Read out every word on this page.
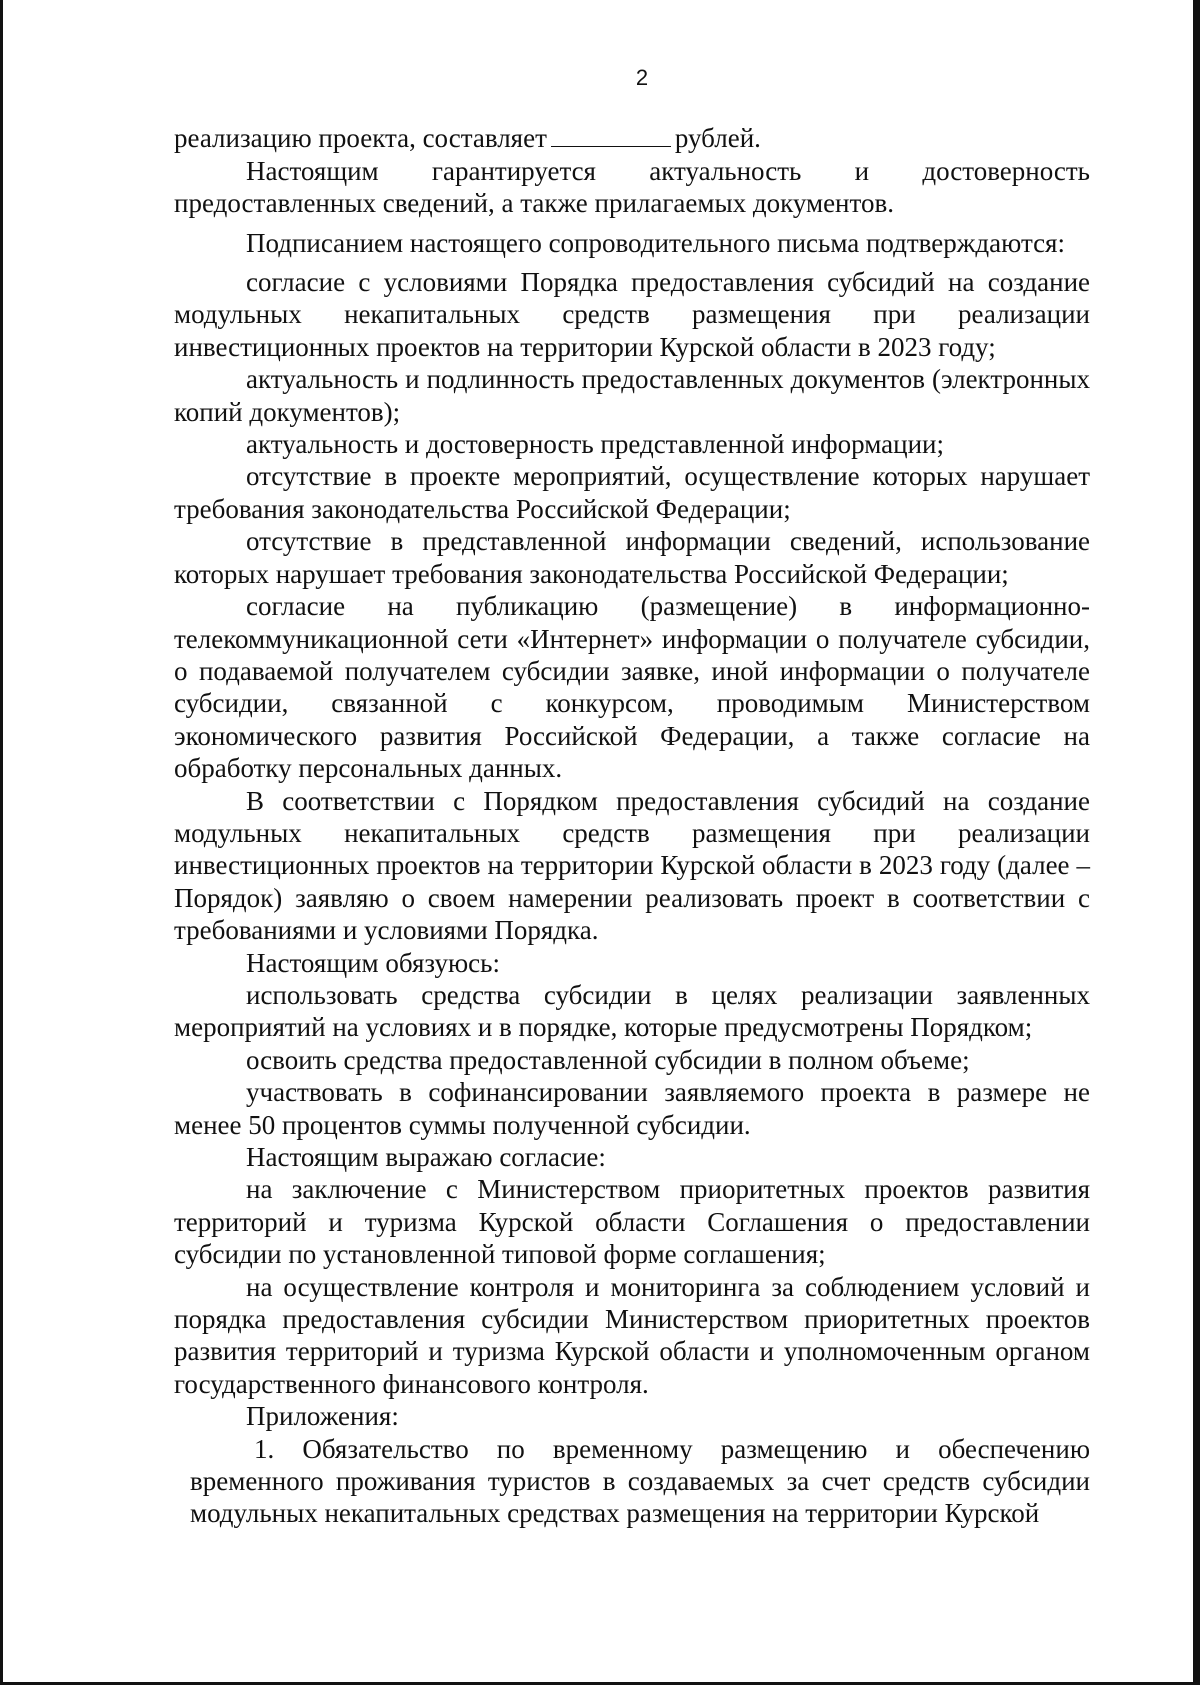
2

реализацию проекта, составляет	рублей.

Настоящим гарантируется актуальность и достоверность предоставленных сведений, а также прилагаемых документов.

Подписанием настоящего сопроводительного письма подтверждаются:

согласие с условиями Порядка предоставления субсидий на создание модульных некапитальных средств размещения при реализации инвестиционных проектов на территории Курской области в 2023 году;

актуальность и подлинность предоставленных документов (электронных копий документов);

актуальность и достоверность представленной информации;

отсутствие в проекте мероприятий, осуществление которых нарушает требования законодательства Российской Федерации;

отсутствие в представленной информации сведений, использование которых нарушает требования законодательства Российской Федерации;

согласие на публикацию (размещение) в информационно-телекоммуникационной сети «Интернет» информации о получателе субсидии, о подаваемой получателем субсидии заявке, иной информации о получателе субсидии, связанной с конкурсом, проводимым Министерством экономического развития Российской Федерации, а также согласие на обработку персональных данных.

В соответствии с Порядком предоставления субсидий на создание модульных некапитальных средств размещения при реализации инвестиционных проектов на территории Курской области в 2023 году (далее – Порядок) заявляю о своем намерении реализовать проект в соответствии с требованиями и условиями Порядка.

Настоящим обязуюсь:

использовать средства субсидии в целях реализации заявленных мероприятий на условиях и в порядке, которые предусмотрены Порядком;

освоить средства предоставленной субсидии в полном объеме;

участвовать в софинансировании заявляемого проекта в размере не менее 50 процентов суммы полученной субсидии.

Настоящим выражаю согласие:

на заключение с Министерством приоритетных проектов развития территорий и туризма Курской области Соглашения о предоставлении субсидии по установленной типовой форме соглашения;

на осуществление контроля и мониторинга за соблюдением условий и порядка предоставления субсидии Министерством приоритетных проектов развития территорий и туризма Курской области и уполномоченным органом государственного финансового контроля.

Приложения:

1. Обязательство по временному размещению и обеспечению временного проживания туристов в создаваемых за счет средств субсидии модульных некапитальных средствах размещения на территории Курской
